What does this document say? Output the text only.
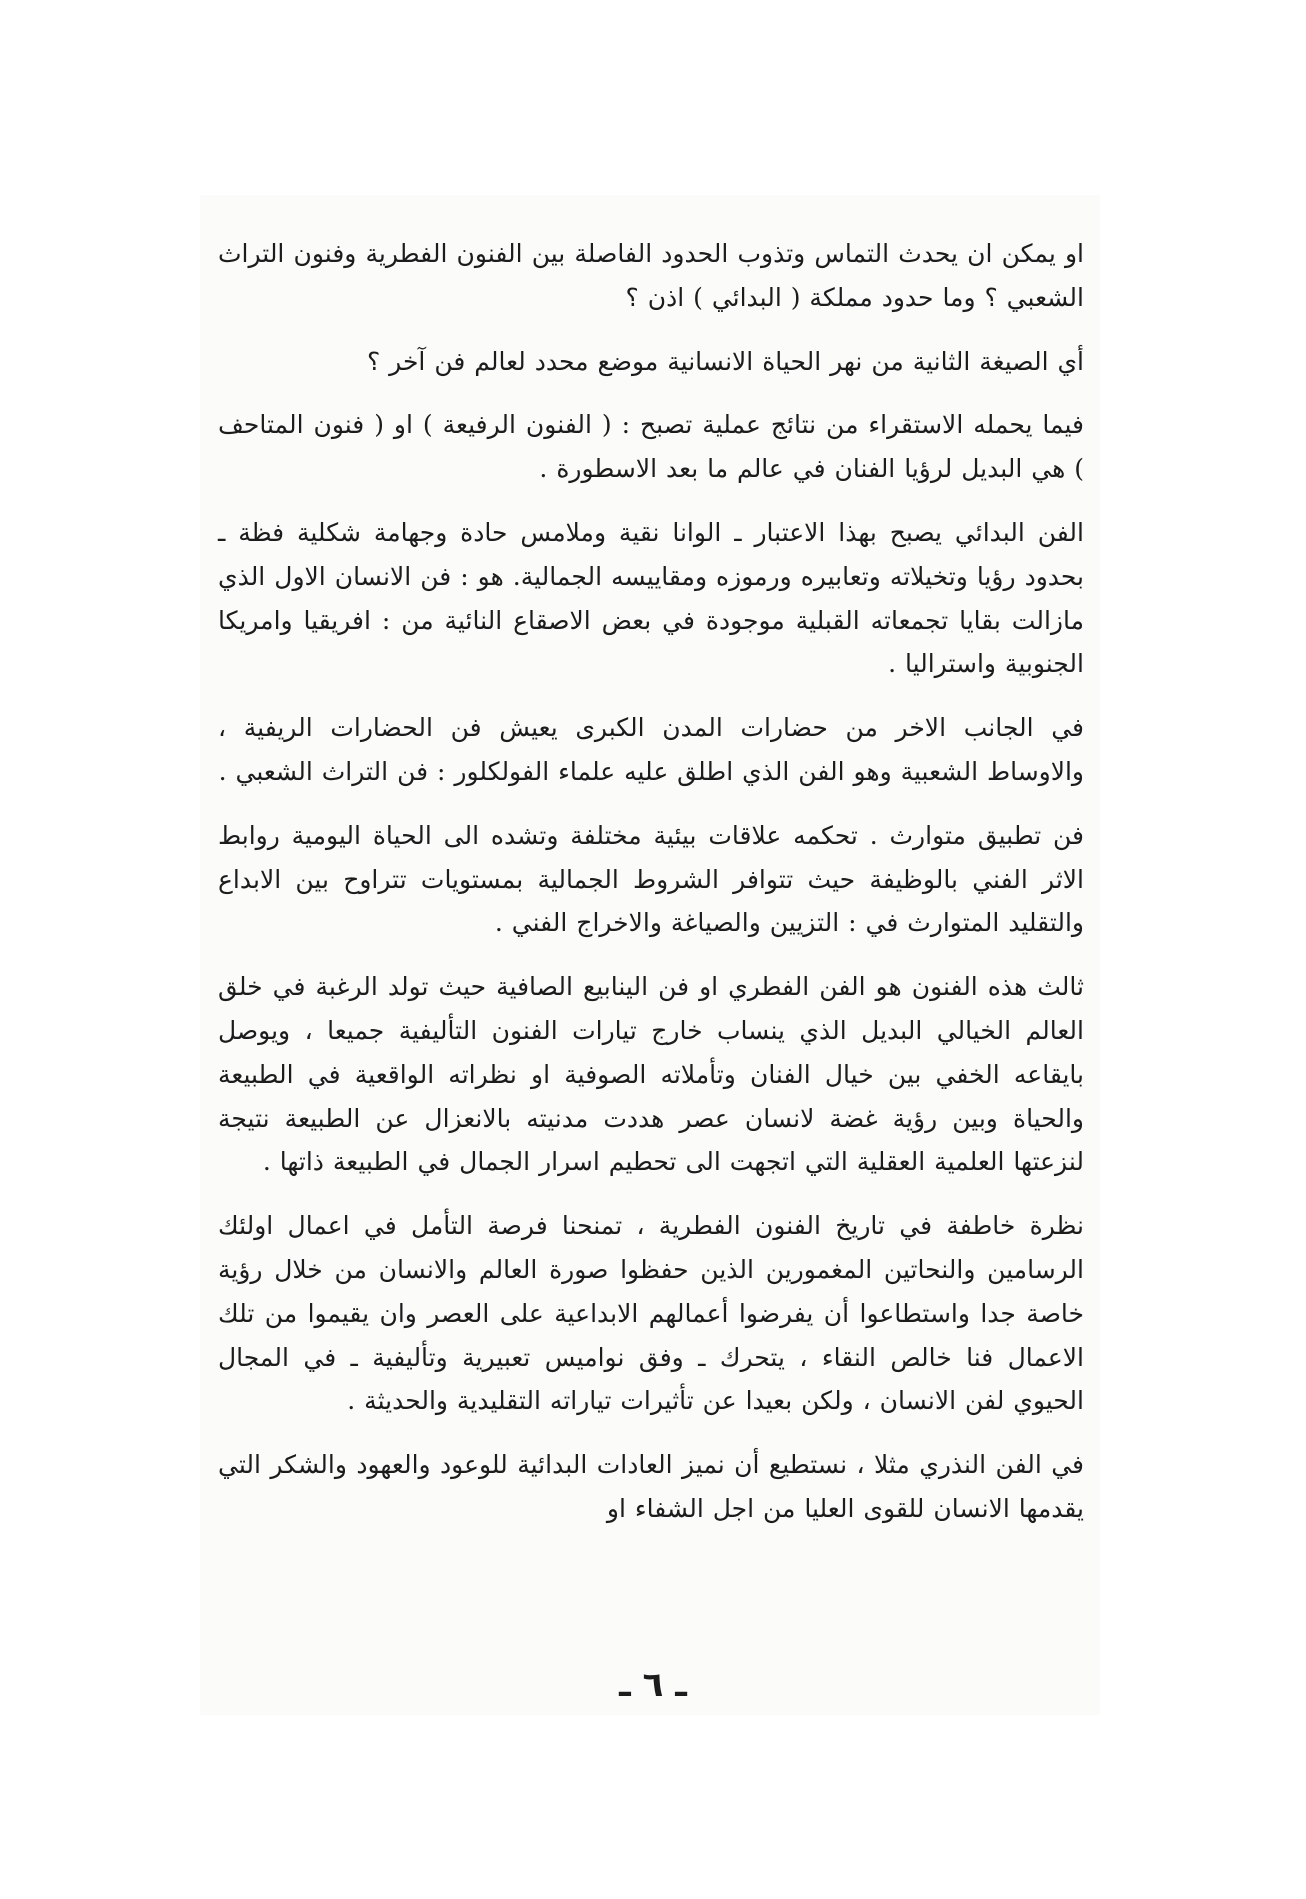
او يمكن ان يحدث التماس وتذوب الحدود الفاصلة بين الفنون الفطرية وفنون التراث الشعبي ؟ وما حدود مملكة ( البدائي ) اذن ؟

أي الصيغة الثانية من نهر الحياة الانسانية موضع محدد لعالم فن آخر ؟

فيما يحمله الاستقراء من نتائج عملية تصبح : ( الفنون الرفيعة ) او ( فنون المتاحف ) هي البديل لرؤيا الفنان في عالم ما بعد الاسطورة .

الفن البدائي يصبح بهذا الاعتبار ـ الوانا نقية وملامس حادة وجهامة شكلية فظة ـ بحدود رؤيا وتخيلاته وتعابيره ورموزه ومقاييسه الجمالية. هو : فن الانسان الاول الذي مازالت بقايا تجمعاته القبلية موجودة في بعض الاصقاع النائية من : افريقيا وامريكا الجنوبية واستراليا .

في الجانب الاخر من حضارات المدن الكبرى يعيش فن الحضارات الريفية ، والاوساط الشعبية وهو الفن الذي اطلق عليه علماء الفولكلور : فن التراث الشعبي .

فن تطبيق متوارث . تحكمه علاقات بيئية مختلفة وتشده الى الحياة اليومية روابط الاثر الفني بالوظيفة حيث تتوافر الشروط الجمالية بمستويات تتراوح بين الابداع والتقليد المتوارث في : التزيين والصياغة والاخراج الفني .

ثالث هذه الفنون هو الفن الفطري او فن الينابيع الصافية حيث تولد الرغبة في خلق العالم الخيالي البديل الذي ينساب خارج تيارات الفنون التأليفية جميعا ، ويوصل بايقاعه الخفي بين خيال الفنان وتأملاته الصوفية او نظراته الواقعية في الطبيعة والحياة وبين رؤية غضة لانسان عصر هددت مدنيته بالانعزال عن الطبيعة نتيجة لنزعتها العلمية العقلية التي اتجهت الى تحطيم اسرار الجمال في الطبيعة ذاتها .

نظرة خاطفة في تاريخ الفنون الفطرية ، تمنحنا فرصة التأمل في اعمال اولئك الرسامين والنحاتين المغمورين الذين حفظوا صورة العالم والانسان من خلال رؤية خاصة جدا واستطاعوا أن يفرضوا أعمالهم الابداعية على العصر وان يقيموا من تلك الاعمال فنا خالص النقاء ، يتحرك ـ وفق نواميس تعبيرية وتأليفية ـ في المجال الحيوي لفن الانسان ، ولكن بعيدا عن تأثيرات تياراته التقليدية والحديثة .

في الفن النذري مثلا ، نستطيع أن نميز العادات البدائية للوعود والعهود والشكر التي يقدمها الانسان للقوى العليا من اجل الشفاء او

ـ ٦ ـ
